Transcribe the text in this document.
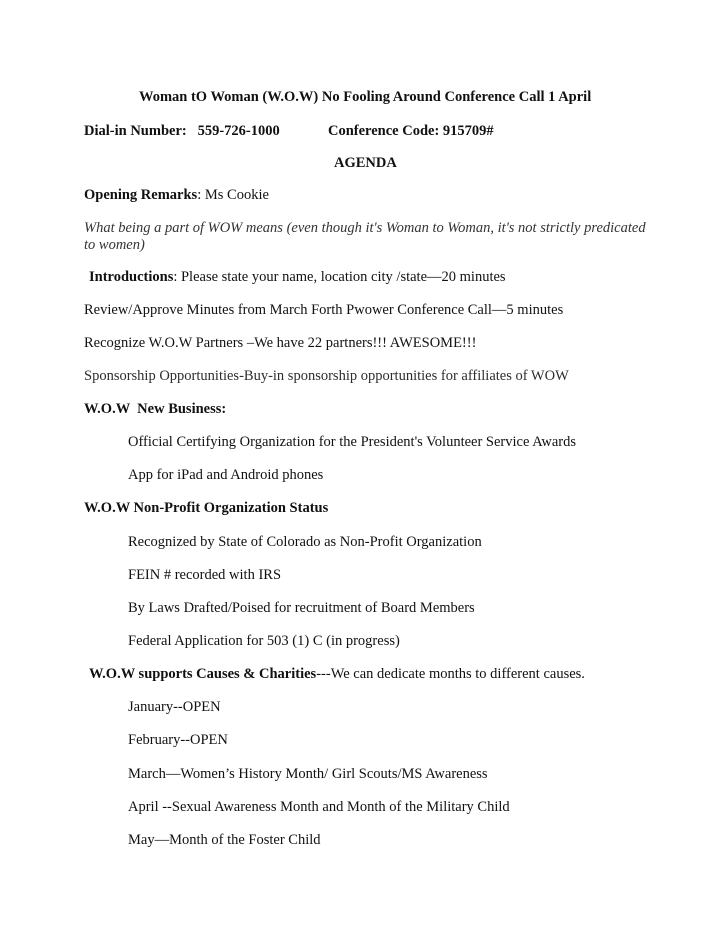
Woman tO Woman (W.O.W) No Fooling Around Conference Call 1 April
Dial-in Number: 559-726-1000	Conference Code: 915709#
AGENDA
Opening Remarks: Ms Cookie
What being a part of WOW means (even though it's Woman to Woman, it's not strictly predicated
to women)
Introductions: Please state your name, location city /state—20 minutes
Review/Approve Minutes from March Forth Pwower Conference Call—5 minutes
Recognize W.O.W Partners –We have 22 partners!!! AWESOME!!!
Sponsorship Opportunities-Buy-in sponsorship opportunities for affiliates of WOW
W.O.W  New Business:
Official Certifying Organization for the President's Volunteer Service Awards
App for iPad and Android phones
W.O.W Non-Profit Organization Status
Recognized by State of Colorado as Non-Profit Organization
FEIN # recorded with IRS
By Laws Drafted/Poised for recruitment of Board Members
Federal Application for 503 (1) C (in progress)
W.O.W supports Causes & Charities---We can dedicate months to different causes.
January--OPEN
February--OPEN
March—Women’s History Month/ Girl Scouts/MS Awareness
April --Sexual Awareness Month and Month of the Military Child
May—Month of the Foster Child
